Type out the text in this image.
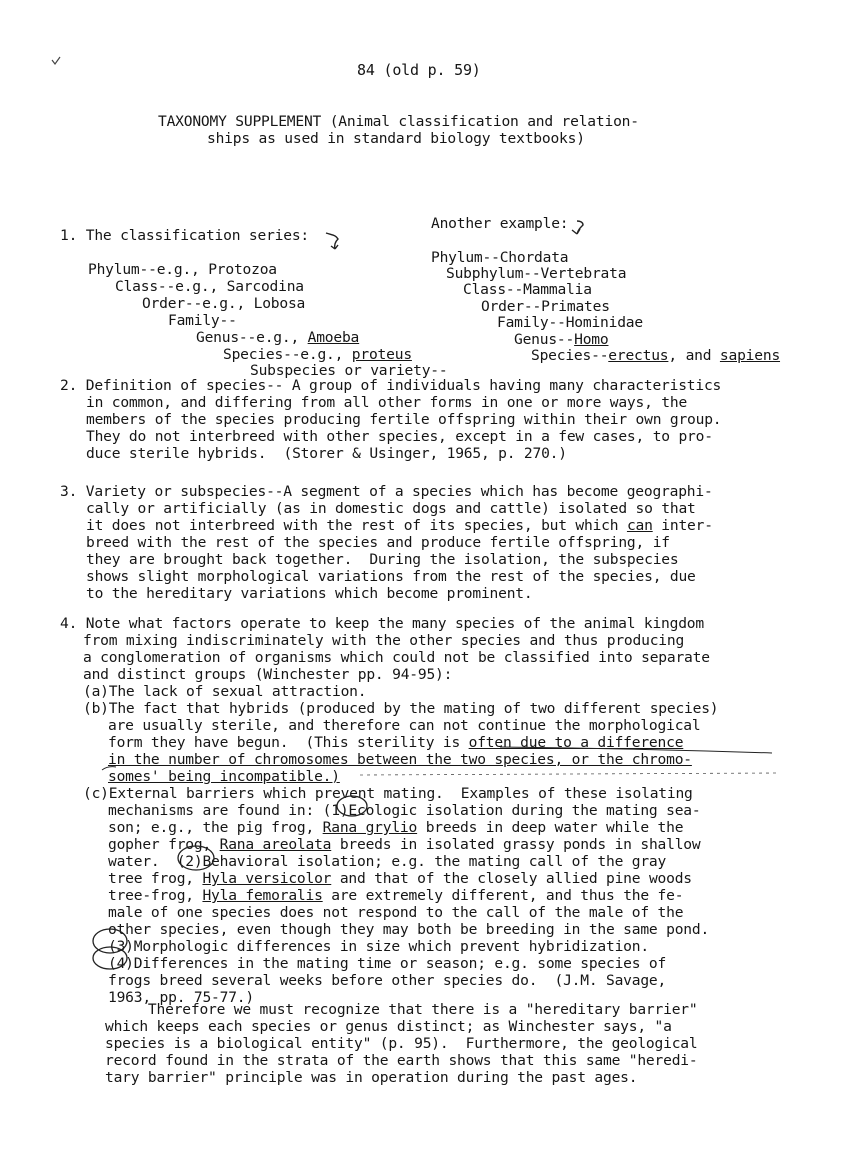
84 (old p. 59)
TAXONOMY SUPPLEMENT (Animal classification and relation-
ships as used in standard biology textbooks)
1. The classification series:
Phylum--e.g., Protozoa
Class--e.g., Sarcodina
Order--e.g., Lobosa
Family--
Genus--e.g., Amoeba
Species--e.g., proteus
Subspecies or variety--
Another example:
Phylum--Chordata
Subphylum--Vertebrata
Class--Mammalia
Order--Primates
Family--Hominidae
Genus--Homo
Species--erectus, and sapiens
2. Definition of species-- A group of individuals having many characteristics
in common, and differing from all other forms in one or more ways, the
members of the species producing fertile offspring within their own group.
They do not interbreed with other species, except in a few cases, to pro-
duce sterile hybrids.  (Storer & Usinger, 1965, p. 270.)
3. Variety or subspecies--A segment of a species which has become geographi-
cally or artificially (as in domestic dogs and cattle) isolated so that
it does not interbreed with the rest of its species, but which can inter-
breed with the rest of the species and produce fertile offspring, if
they are brought back together.  During the isolation, the subspecies
shows slight morphological variations from the rest of the species, due
to the hereditary variations which become prominent.
4. Note what factors operate to keep the many species of the animal kingdom
from mixing indiscriminately with the other species and thus producing
a conglomeration of organisms which could not be classified into separate
and distinct groups (Winchester pp. 94-95):
(a)The lack of sexual attraction.
(b)The fact that hybrids (produced by the mating of two different species)
are usually sterile, and therefore can not continue the morphological
form they have begun.  (This sterility is often due to a difference
in the number of chromosomes between the two species, or the chromo-
somes' being incompatible.)
(c)External barriers which prevent mating.  Examples of these isolating
mechanisms are found in: (1)Ecologic isolation during the mating sea-
son; e.g., the pig frog, Rana grylio breeds in deep water while the
gopher frog, Rana areolata breeds in isolated grassy ponds in shallow
water.  (2)Behavioral isolation; e.g. the mating call of the gray
tree frog, Hyla versicolor and that of the closely allied pine woods
tree-frog, Hyla femoralis are extremely different, and thus the fe-
male of one species does not respond to the call of the male of the
other species, even though they may both be breeding in the same pond.
(3)Morphologic differences in size which prevent hybridization.
(4)Differences in the mating time or season; e.g. some species of
frogs breed several weeks before other species do.  (J.M. Savage,
1963, pp. 75-77.)
Therefore we must recognize that there is a "hereditary barrier"
which keeps each species or genus distinct; as Winchester says, "a
species is a biological entity" (p. 95).  Furthermore, the geological
record found in the strata of the earth shows that this same "heredi-
tary barrier" principle was in operation during the past ages.
